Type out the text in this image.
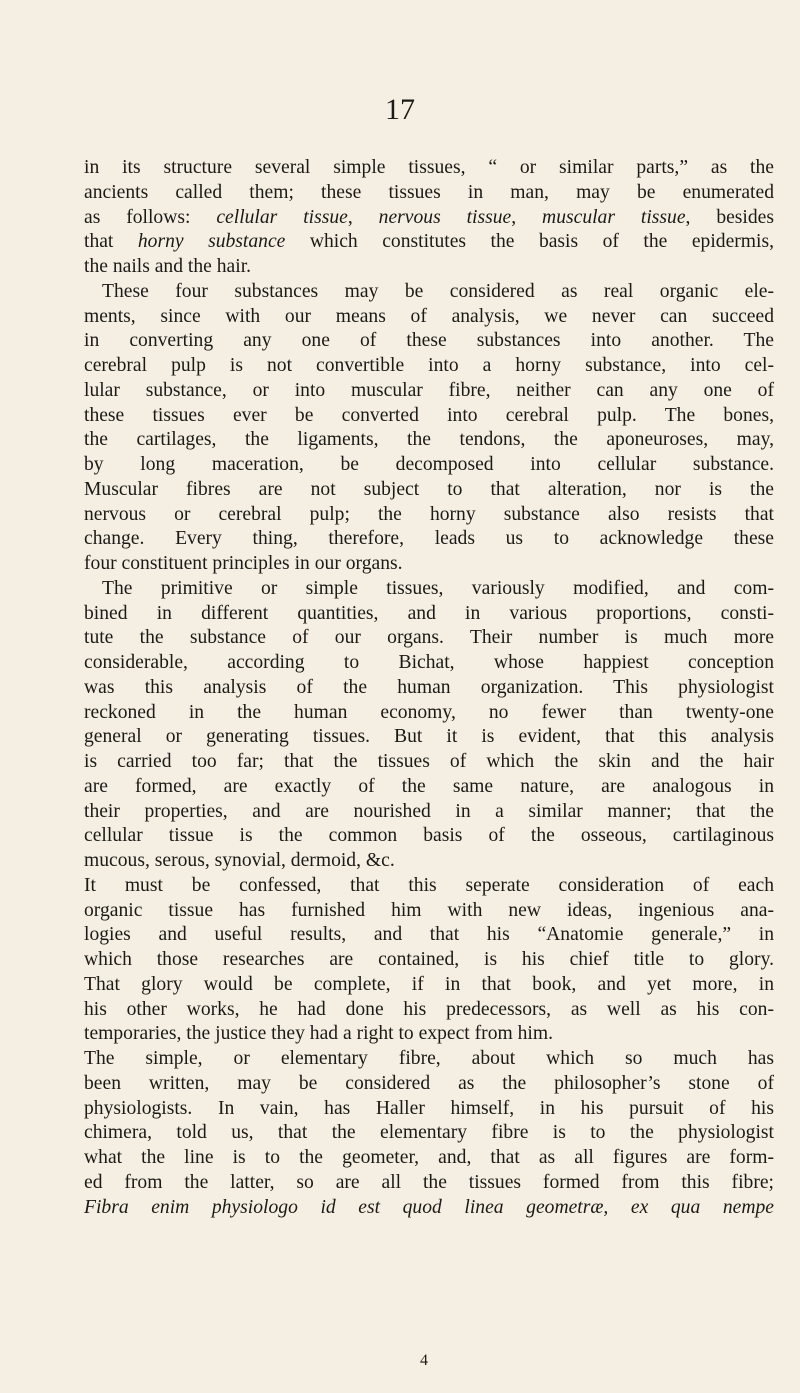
17
in its structure several simple tissues, “ or similar parts,” as the
ancients called them; these tissues in man, may be enumerated
as follows: cellular tissue, nervous tissue, muscular tissue, besides
that horny substance which constitutes the basis of the epidermis,
the nails and the hair.
These four substances may be considered as real organic ele-
ments, since with our means of analysis, we never can succeed
in converting any one of these substances into another. The
cerebral pulp is not convertible into a horny substance, into cel-
lular substance, or into muscular fibre, neither can any one of
these tissues ever be converted into cerebral pulp. The bones,
the cartilages, the ligaments, the tendons, the aponeuroses, may,
by long maceration, be decomposed into cellular substance.
Muscular fibres are not subject to that alteration, nor is the
nervous or cerebral pulp; the horny substance also resists that
change. Every thing, therefore, leads us to acknowledge these
four constituent principles in our organs.
The primitive or simple tissues, variously modified, and com-
bined in different quantities, and in various proportions, consti-
tute the substance of our organs. Their number is much more
considerable, according to Bichat, whose happiest conception
was this analysis of the human organization. This physiologist
reckoned in the human economy, no fewer than twenty-one
general or generating tissues. But it is evident, that this analysis
is carried too far; that the tissues of which the skin and the hair
are formed, are exactly of the same nature, are analogous in
their properties, and are nourished in a similar manner; that the
cellular tissue is the common basis of the osseous, cartilaginous
mucous, serous, synovial, dermoid, &c.
It must be confessed, that this seperate consideration of each
organic tissue has furnished him with new ideas, ingenious ana-
logies and useful results, and that his “Anatomie generale,” in
which those researches are contained, is his chief title to glory.
That glory would be complete, if in that book, and yet more, in
his other works, he had done his predecessors, as well as his con-
temporaries, the justice they had a right to expect from him.
The simple, or elementary fibre, about which so much has
been written, may be considered as the philosopher’s stone of
physiologists. In vain, has Haller himself, in his pursuit of his
chimera, told us, that the elementary fibre is to the physiologist
what the line is to the geometer, and, that as all figures are form-
ed from the latter, so are all the tissues formed from this fibre;
Fibra enim physiologo id est quod linea geometræ, ex qua nempe
4
